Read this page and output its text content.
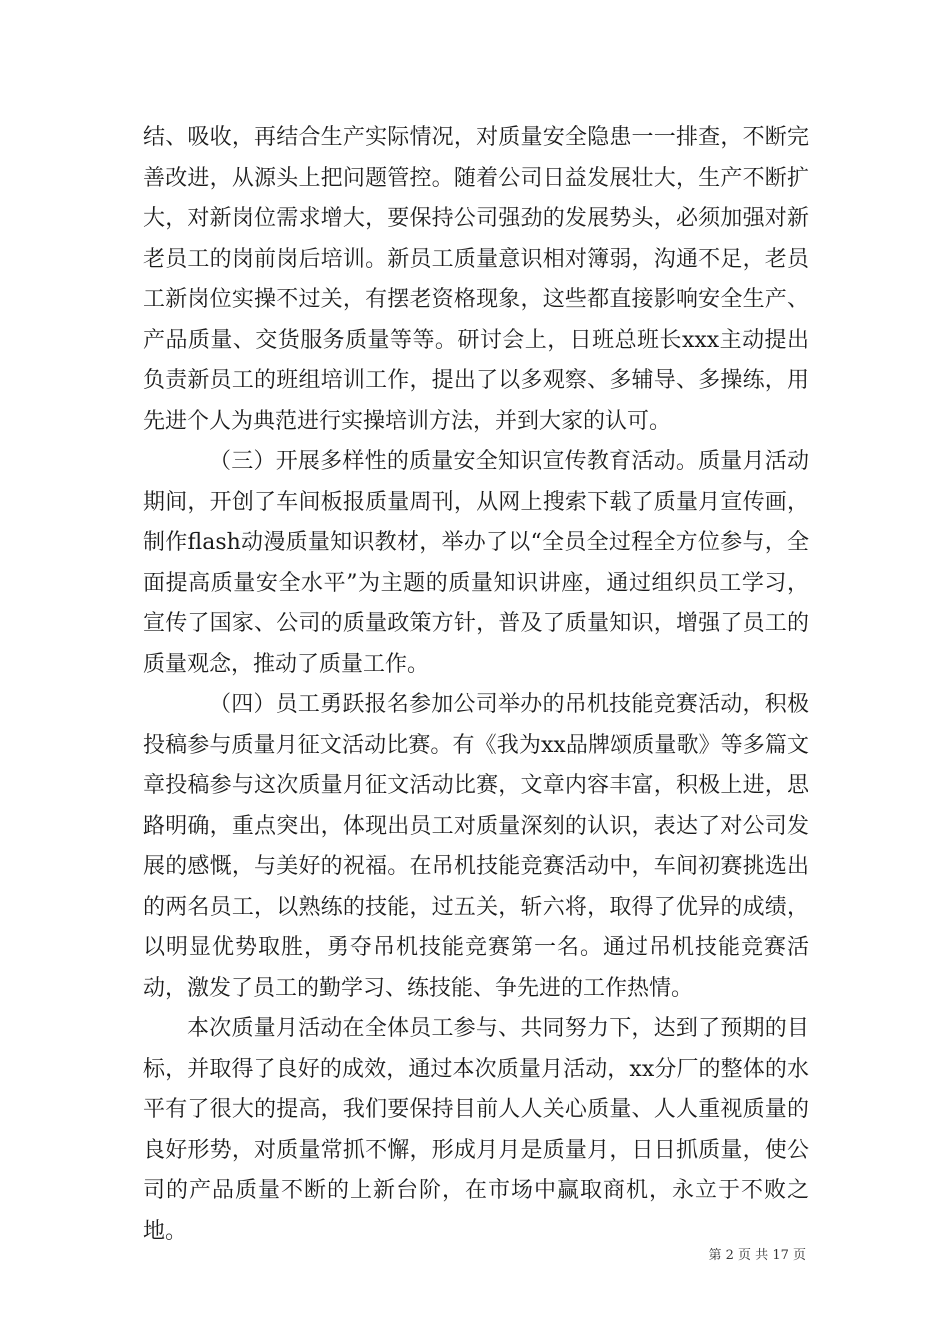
结、吸收，再结合生产实际情况，对质量安全隐患一一排查，不断完善改进，从源头上把问题管控。随着公司日益发展壮大，生产不断扩大，对新岗位需求增大，要保持公司强劲的发展势头，必须加强对新老员工的岗前岗后培训。新员工质量意识相对簿弱，沟通不足，老员工新岗位实操不过关，有摆老资格现象，这些都直接影响安全生产、产品质量、交货服务质量等等。研讨会上，日班总班长xxx主动提出负责新员工的班组培训工作，提出了以多观察、多辅导、多操练，用先进个人为典范进行实操培训方法，并到大家的认可。

（三）开展多样性的质量安全知识宣传教育活动。质量月活动期间，开创了车间板报质量周刊，从网上搜索下载了质量月宣传画，制作flash动漫质量知识教材，举办了以“全员全过程全方位参与，全面提高质量安全水平”为主题的质量知识讲座，通过组织员工学习，宣传了国家、公司的质量政策方针，普及了质量知识，增强了员工的质量观念，推动了质量工作。

（四）员工勇跃报名参加公司举办的吊机技能竞赛活动，积极投稿参与质量月征文活动比赛。有《我为xx品牌颂质量歌》等多篇文章投稿参与这次质量月征文活动比赛，文章内容丰富，积极上进，思路明确，重点突出，体现出员工对质量深刻的认识，表达了对公司发展的感慨，与美好的祝福。在吊机技能竞赛活动中，车间初赛挑选出的两名员工，以熟练的技能，过五关，斩六将，取得了优异的成绩，以明显优势取胜，勇夺吊机技能竞赛第一名。通过吊机技能竞赛活动，激发了员工的勤学习、练技能、争先进的工作热情。

本次质量月活动在全体员工参与、共同努力下，达到了预期的目标，并取得了良好的成效，通过本次质量月活动，xx分厂的整体的水平有了很大的提高，我们要保持目前人人关心质量、人人重视质量的良好形势，对质量常抓不懈，形成月月是质量月，日日抓质量，使公司的产品质量不断的上新台阶，在市场中赢取商机，永立于不败之地。

第 2 页 共 17 页
